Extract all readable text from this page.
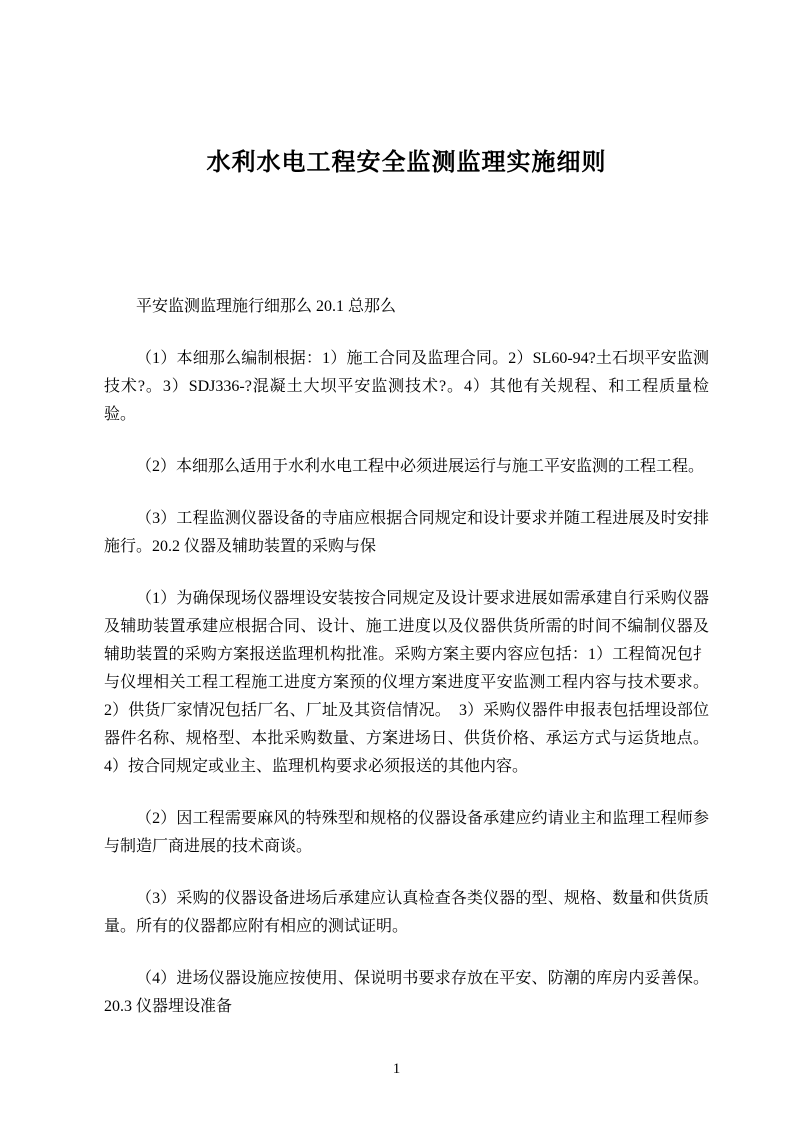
水利水电工程安全监测监理实施细则

平安监测监理施行细那么 20.1 总那么

（1）本细那么编制根据：1）施工合同及监理合同。2）SL60-94?土石坝平安监测技术?。3）SDJ336-?混凝土大坝平安监测技术?。4）其他有关规程、和工程质量检验。

（2）本细那么适用于水利水电工程中必须进展运行与施工平安监测的工程工程。

（3）工程监测仪器设备的寺庙应根据合同规定和设计要求并随工程进展及时安排施行。20.2 仪器及辅助装置的采购与保

（1）为确保现场仪器埋设安装按合同规定及设计要求进展如需承建自行采购仪器及辅助装置承建应根据合同、设计、施工进度以及仪器供货所需的时间不编制仪器及辅助装置的采购方案报送监理机构批准。采购方案主要内容应包括：1）工程简况包扌与仪埋相关工程工程施工进度方案预的仪埋方案进度平安监测工程内容与技术要求。2）供货厂家情况包括厂名、厂址及其资信情况。　3）采购仪器件申报表包括埋设部位器件名称、规格型、本批采购数量、方案进场日、供货价格、承运方式与运货地点。4）按合同规定或业主、监理机构要求必须报送的其他内容。

（2）因工程需要麻风的特殊型和规格的仪器设备承建应约请业主和监理工程师参与制造厂商进展的技术商谈。

（3）采购的仪器设备进场后承建应认真检查各类仪器的型、规格、数量和供货质量。所有的仪器都应附有相应的测试证明。

（4）进场仪器设施应按使用、保说明书要求存放在平安、防潮的库房内妥善保。20.3 仪器埋设准备

1
